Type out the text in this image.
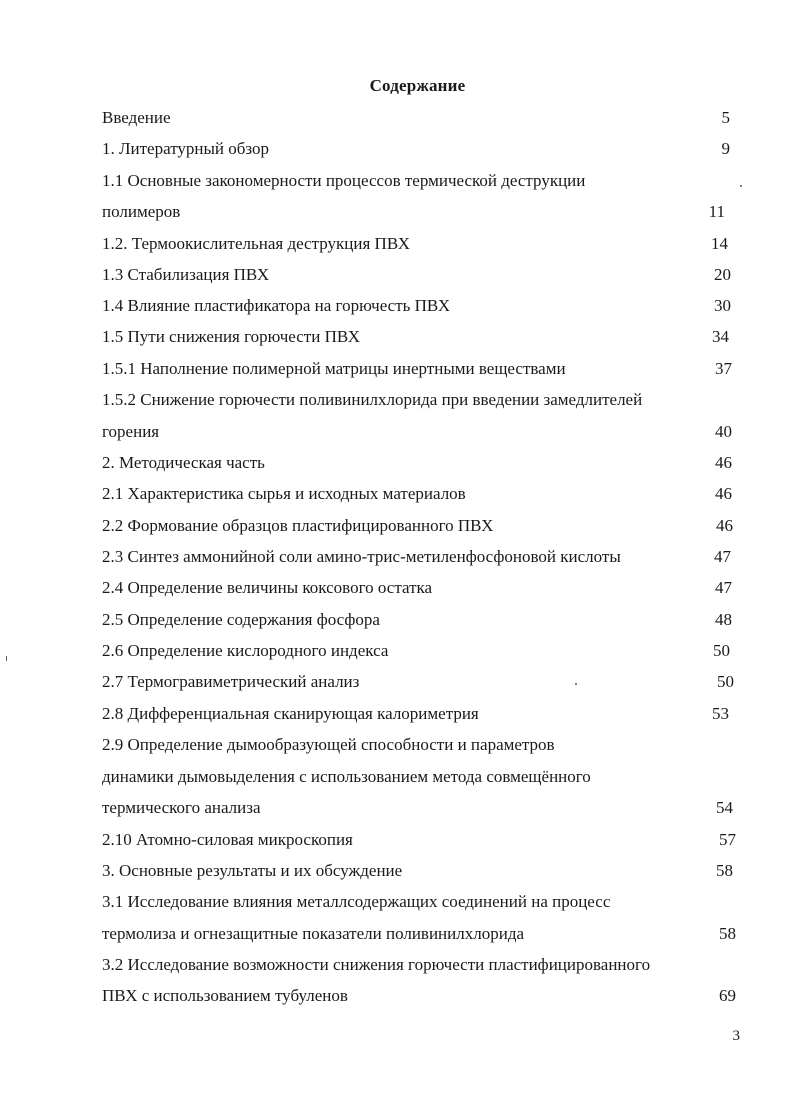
Содержание
Введение	5
1. Литературный обзор	9
1.1 Основные закономерности процессов термической деструкции
полимеров	11
1.2. Термоокислительная деструкция ПВХ	14
1.3 Стабилизация ПВХ	20
1.4 Влияние пластификатора на горючесть ПВХ	30
1.5 Пути снижения горючести ПВХ	34
1.5.1 Наполнение полимерной матрицы инертными веществами	37
1.5.2 Снижение горючести поливинилхлорида при введении замедлителей
горения	40
2. Методическая часть	46
2.1 Характеристика сырья и исходных материалов	46
2.2 Формование образцов пластифицированного ПВХ	46
2.3 Синтез аммонийной соли амино-трис-метиленфосфоновой кислоты	47
2.4 Определение величины коксового остатка	47
2.5 Определение содержания фосфора	48
2.6 Определение кислородного индекса	50
2.7 Термогравиметрический анализ	50
2.8 Дифференциальная сканирующая калориметрия	53
2.9 Определение дымообразующей способности и параметров
динамики дымовыделения с использованием метода совмещённого
термического анализа	54
2.10 Атомно-силовая микроскопия	57
3. Основные результаты и их обсуждение	58
3.1 Исследование влияния металлсодержащих соединений на процесс
термолиза и огнезащитные показатели поливинилхлорида	58
3.2 Исследование возможности снижения горючести пластифицированного
ПВХ с использованием тубуленов	69
3
